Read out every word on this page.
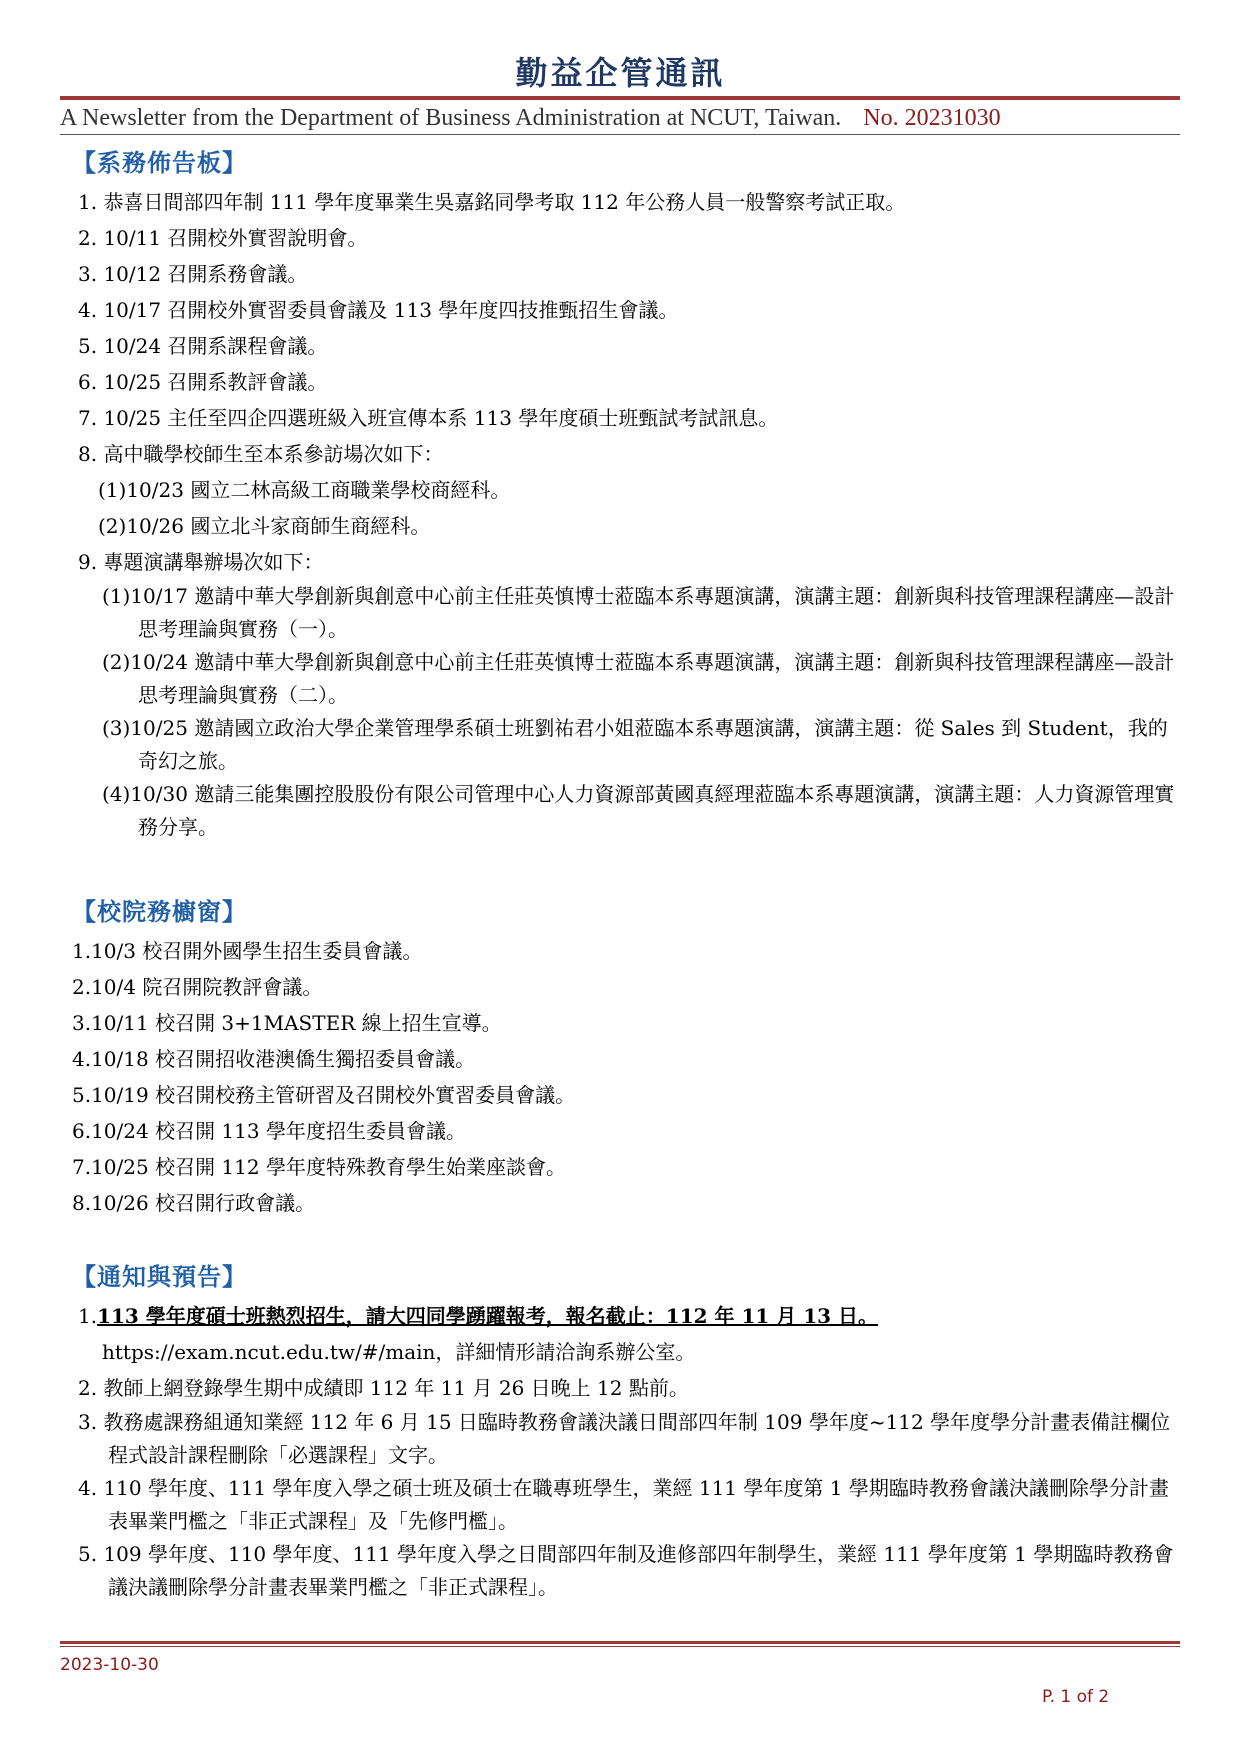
勤益企管通訊
A Newsletter from the Department of Business Administration at NCUT, Taiwan. No. 20231030
【系務佈告板】
1. 恭喜日間部四年制 111 學年度畢業生吳嘉銘同學考取 112 年公務人員一般警察考試正取。
2. 10/11 召開校外實習說明會。
3. 10/12 召開系務會議。
4. 10/17 召開校外實習委員會議及 113 學年度四技推甄招生會議。
5. 10/24 召開系課程會議。
6. 10/25 召開系教評會議。
7. 10/25 主任至四企四選班級入班宣傳本系 113 學年度碩士班甄試考試訊息。
8. 高中職學校師生至本系參訪場次如下：
(1)10/23 國立二林高級工商職業學校商經科。
(2)10/26 國立北斗家商師生商經科。
9. 專題演講舉辦場次如下：
(1)10/17 邀請中華大學創新與創意中心前主任莊英慎博士蒞臨本系專題演講，演講主題：創新與科技管理課程講座—設計思考理論與實務（一）。
(2)10/24 邀請中華大學創新與創意中心前主任莊英慎博士蒞臨本系專題演講，演講主題：創新與科技管理課程講座—設計思考理論與實務（二）。
(3)10/25 邀請國立政治大學企業管理學系碩士班劉祐君小姐蒞臨本系專題演講，演講主題：從 Sales 到 Student，我的奇幻之旅。
(4)10/30 邀請三能集團控股股份有限公司管理中心人力資源部黃國真經理蒞臨本系專題演講，演講主題：人力資源管理實務分享。
【校院務櫥窗】
1.10/3 校召開外國學生招生委員會議。
2.10/4 院召開院教評會議。
3.10/11 校召開 3+1MASTER 線上招生宣導。
4.10/18 校召開招收港澳僑生獨招委員會議。
5.10/19 校召開校務主管研習及召開校外實習委員會議。
6.10/24 校召開 113 學年度招生委員會議。
7.10/25 校召開 112 學年度特殊教育學生始業座談會。
8.10/26 校召開行政會議。
【通知與預告】
1.113 學年度碩士班熱烈招生，請大四同學踴躍報考，報名截止：112 年 11 月 13 日。
https://exam.ncut.edu.tw/#/main，詳細情形請洽詢系辦公室。
2. 教師上網登錄學生期中成績即 112 年 11 月 26 日晚上 12 點前。
3. 教務處課務組通知業經 112 年 6 月 15 日臨時教務會議決議日間部四年制 109 學年度~112 學年度學分計畫表備註欄位程式設計課程刪除「必選課程」文字。
4. 110 學年度、111 學年度入學之碩士班及碩士在職專班學生，業經 111 學年度第 1 學期臨時教務會議決議刪除學分計畫表畢業門檻之「非正式課程」及「先修門檻」。
5. 109 學年度、110 學年度、111 學年度入學之日間部四年制及進修部四年制學生，業經 111 學年度第 1 學期臨時教務會議決議刪除學分計畫表畢業門檻之「非正式課程」。
2023-10-30
P. 1 of 2
